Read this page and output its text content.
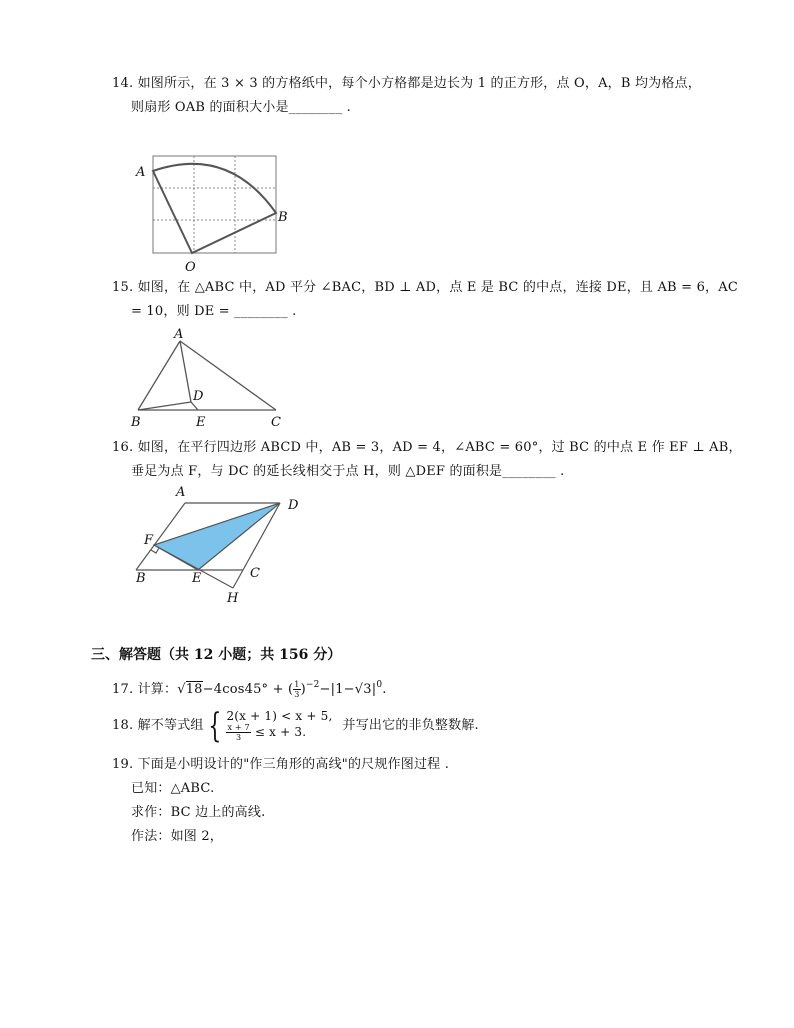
14. 如图所示，在 3 × 3 的方格纸中，每个小方格都是边长为 1 的正方形，点 O，A，B 均为格点，
则扇形 OAB 的面积大小是________ .
A
B
O
15. 如图，在 △ABC 中，AD 平分 ∠BAC，BD ⊥ AD，点 E 是 BC 的中点，连接 DE，且 AB = 6，AC
= 10，则 DE = ________ .
A
B	C
D
E
16. 如图，在平行四边形 ABCD 中，AB = 3，AD = 4，∠ABC = 60°，过 BC 的中点 E 作 EF ⊥ AB，
垂足为点 F，与 DC 的延长线相交于点 H，则 △DEF 的面积是________ .
A
D
F
B	E	C
H
三、解答题（共 12 小题；共 156 分）
17. 计算：√18−4cos45° + ( $\frac{1}{3} )^{-2}-|1-√3|^0$.
18. 解不等式组 { 2(x + 1) < x + 5,
$\frac{x + 7}{3} \le x + 3$.	并写出它的非负整数解.
19. 下面是小明设计的"作三角形的高线"的尺规作图过程 .
已知：△ABC.
求作：BC 边上的高线.
作法：如图 2，
